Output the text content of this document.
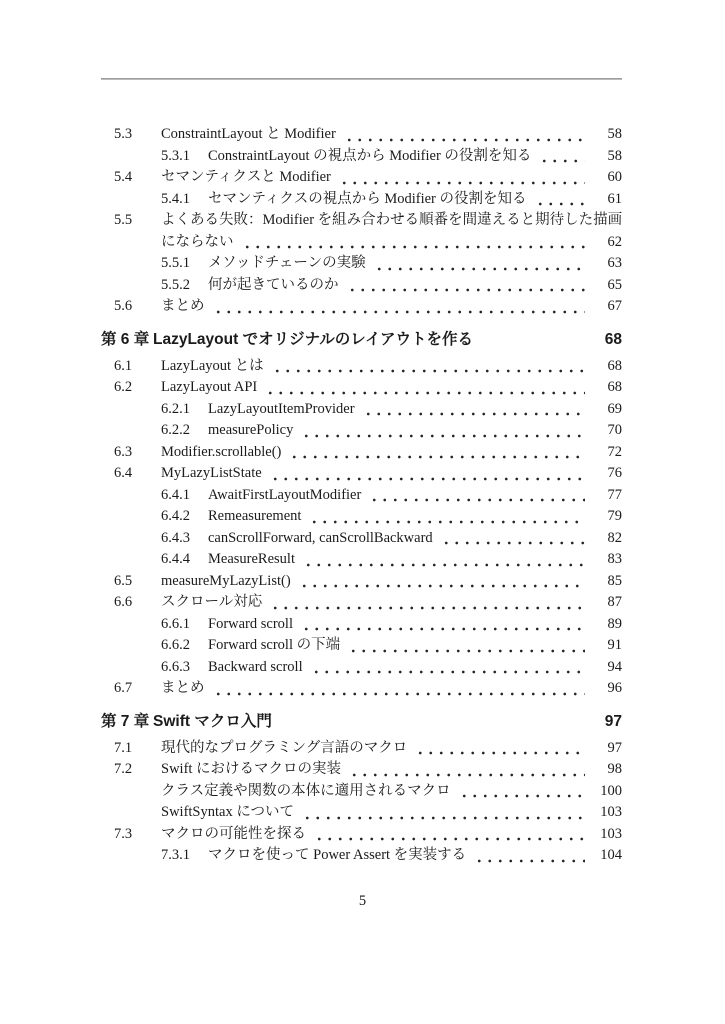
5.3	ConstraintLayout と Modifier	58
5.3.1	ConstraintLayout の視点から Modifier の役割を知る	58
5.4	セマンティクスと Modifier	60
5.4.1	セマンティクスの視点から Modifier の役割を知る	61
5.5	よくある失敗：Modifier を組み合わせる順番を間違えると期待した描画
にならない	62
5.5.1	メソッドチェーンの実験	63
5.5.2	何が起きているのか	65
5.6	まとめ	67
第 6 章 LazyLayout でオリジナルのレイアウトを作る	68
6.1	LazyLayout とは	68
6.2	LazyLayout API	68
6.2.1	LazyLayoutItemProvider	69
6.2.2	measurePolicy	70
6.3	Modifier.scrollable()	72
6.4	MyLazyListState	76
6.4.1	AwaitFirstLayoutModifier	77
6.4.2	Remeasurement	79
6.4.3	canScrollForward, canScrollBackward	82
6.4.4	MeasureResult	83
6.5	measureMyLazyList()	85
6.6	スクロール対応	87
6.6.1	Forward scroll	89
6.6.2	Forward scroll の下端	91
6.6.3	Backward scroll	94
6.7	まとめ	96
第 7 章 Swift マクロ入門	97
7.1	現代的なプログラミング言語のマクロ	97
7.2	Swift におけるマクロの実装	98
クラス定義や関数の本体に適用されるマクロ	100
SwiftSyntax について	103
7.3	マクロの可能性を探る	103
7.3.1	マクロを使って Power Assert を実装する	104
5
